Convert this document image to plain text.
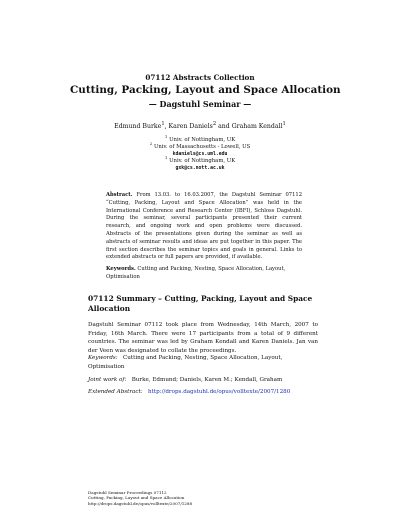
07112 Abstracts Collection
Cutting, Packing, Layout and Space Allocation
— Dagstuhl Seminar —
Edmund Burke$^1$, Karen Daniels$^2$ and Graham Kendall$^1$
$^1$ Univ. of Nottingham, UK
$^2$ Univ. of Massachusetts - Lowell, US
kdaniels@cs.uml.edu
$^1$ Univ. of Nottingham, UK
gxk@cs.nott.ac.uk
Abstract. From 13.03. to 16.03.2007, the Dagstuhl Seminar 07112 “Cutting, Packing, Layout and Space Allocation” was held in the International Conference and Research Center (IBFI), Schloss Dagstuhl. During the seminar, several participants presented their current research, and ongoing work and open problems were discussed. Abstracts of the presentations given during the seminar as well as abstracts of seminar results and ideas are put together in this paper. The first section describes the seminar topics and goals in general. Links to extended abstracts or full papers are provided, if available.
Keywords. Cutting and Packing, Nesting, Space Allocation, Layout, Optimisation
07112 Summary – Cutting, Packing, Layout and Space Allocation
Dagstuhl Seminar 07112 took place from Wednesday, 14th March, 2007 to Friday, 16th March. There were 17 participants from a total of 9 different countries. The seminar was led by Graham Kendall and Karen Daniels. Jan van der Veen was designated to collate the proceedings.
Keywords: Cutting and Packing, Nesting, Space Allocation, Layout, Optimisation
Joint work of: Burke, Edmund; Daniels, Karen M.; Kendall, Graham
Extended Abstract: http://drops.dagstuhl.de/opus/volltexte/2007/1280
Dagstuhl Seminar Proceedings 07112
Cutting, Packing, Layout and Space Allocation
http://drops.dagstuhl.de/opus/volltexte/2007/1288
